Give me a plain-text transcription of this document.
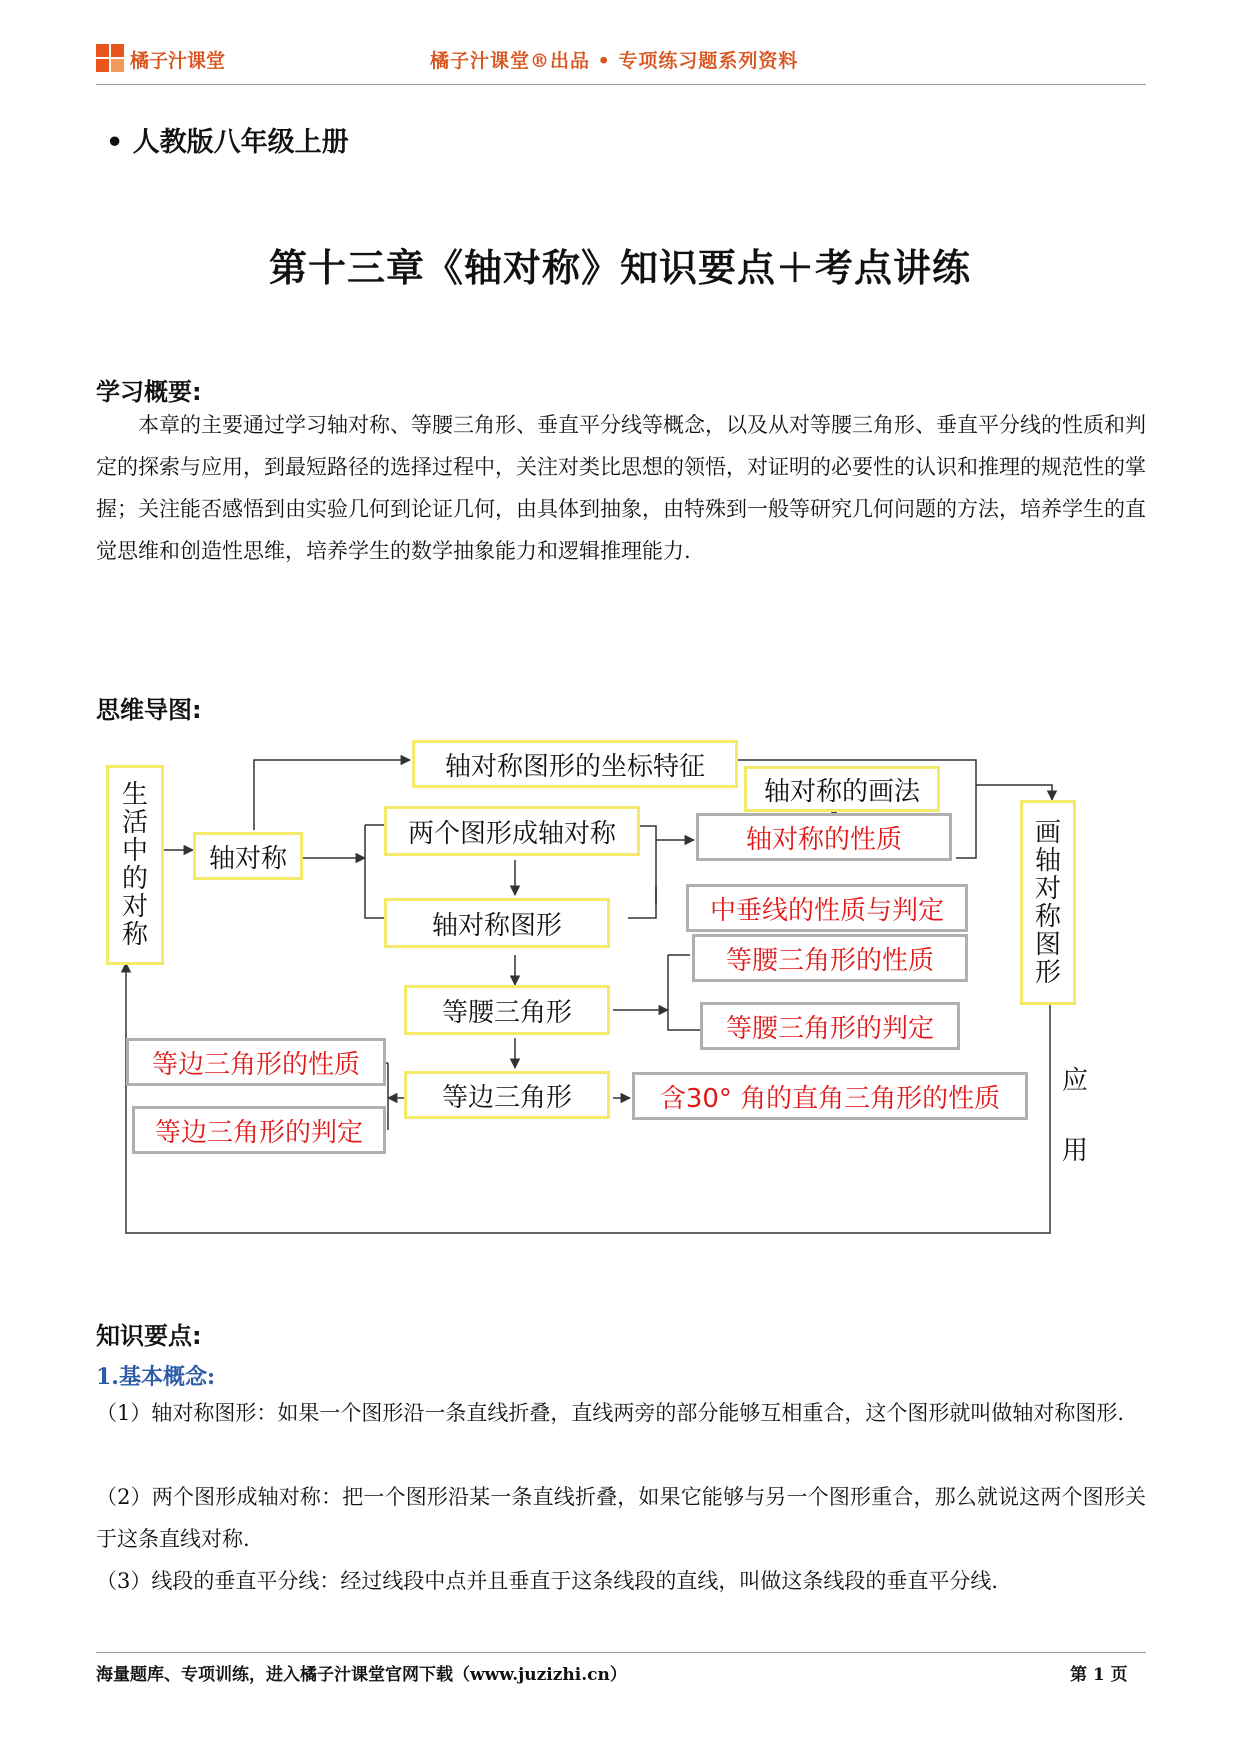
橘子汁课堂	橘子汁课堂®出品 • 专项练习题系列资料
• 人教版八年级上册
第十三章《轴对称》知识要点＋考点讲练
学习概要:
本章的主要通过学习轴对称、等腰三角形、垂直平分线等概念，以及从对等腰三角形、垂直平分线的性质和判定的探索与应用，到最短路径的选择过程中，关注对类比思想的领悟，对证明的必要性的认识和推理的规范性的掌握；关注能否感悟到由实验几何到论证几何，由具体到抽象，由特殊到一般等研究几何问题的方法，培养学生的直觉思维和创造性思维，培养学生的数学抽象能力和逻辑推理能力.
思维导图:
生
活
中
的
对
称
轴对称
轴对称图形的坐标特征
两个图形成轴对称
轴对称图形
轴对称的画法
轴对称的性质
中垂线的性质与判定
等腰三角形
等腰三角形的性质
等腰三角形的判定
等边三角形
等边三角形的性质
等边三角形的判定
含30° 角的直角三角形的性质
画
轴
对
称
图
形
应
用
知识要点:
1.基本概念:
（1）轴对称图形：如果一个图形沿一条直线折叠，直线两旁的部分能够互相重合，这个图形就叫做轴对称图形.
（2）两个图形成轴对称：把一个图形沿某一条直线折叠，如果它能够与另一个图形重合，那么就说这两个图形关于这条直线对称.
（3）线段的垂直平分线：经过线段中点并且垂直于这条线段的直线，叫做这条线段的垂直平分线.
海量题库、专项训练，进入橘子汁课堂官网下载（www.juzizhi.cn）	第 1 页
